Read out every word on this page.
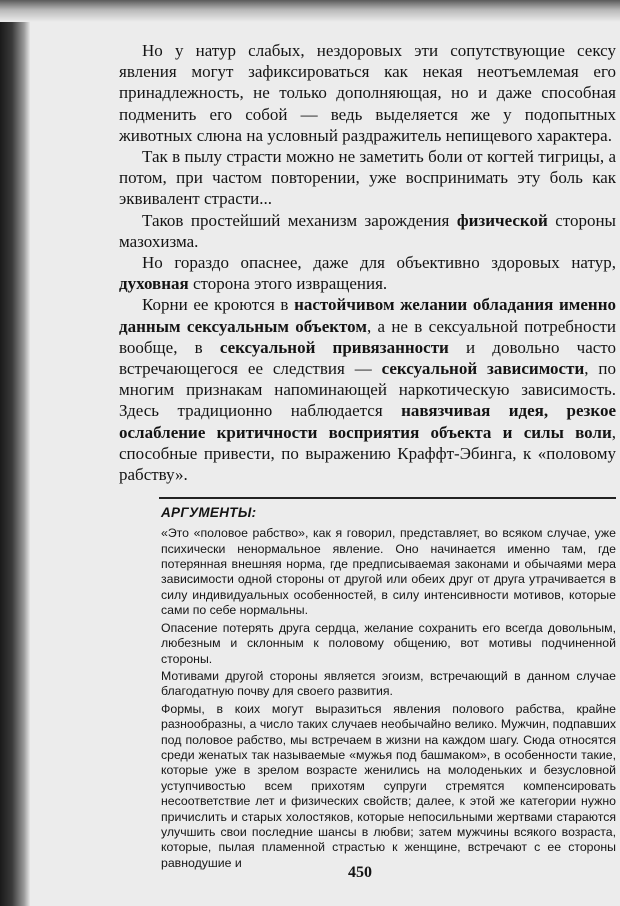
Но у натур слабых, нездоровых эти сопутствующие сексу явления могут зафиксироваться как некая неотъемлемая его принадлежность, не только дополняющая, но и даже способная подменить его собой — ведь выделяется же у подопытных животных слюна на условный раздражитель непищевого характера.

Так в пылу страсти можно не заметить боли от когтей тигрицы, а потом, при частом повторении, уже воспринимать эту боль как эквивалент страсти...

Таков простейший механизм зарождения физической стороны мазохизма.

Но гораздо опаснее, даже для объективно здоровых натур, духовная сторона этого извращения.

Корни ее кроются в настойчивом желании обладания именно данным сексуальным объектом, а не в сексуальной потребности вообще, в сексуальной привязанности и довольно часто встречающегося ее следствия — сексуальной зависимости, по многим признакам напоминающей наркотическую зависимость. Здесь традиционно наблюдается навязчивая идея, резкое ослабление критичности восприятия объекта и силы воли, способные привести, по выражению Краффт-Эбинга, к «половому рабству».

АРГУМЕНТЫ:

«Это «половое рабство», как я говорил, представляет, во всяком случае, уже психически ненормальное явление. Оно начинается именно там, где потерянная внешняя норма, где предписываемая законами и обычаями мера зависимости одной стороны от другой или обеих друг от друга утрачивается в силу индивидуальных особенностей, в силу интенсивности мотивов, которые сами по себе нормальны.

Опасение потерять друга сердца, желание сохранить его всегда довольным, любезным и склонным к половому общению, вот мотивы подчиненной стороны.

Мотивами другой стороны является эгоизм, встречающий в данном случае благодатную почву для своего развития.

Формы, в коих могут выразиться явления полового рабства, крайне разнообразны, а число таких случаев необычайно велико. Мужчин, подпавших под половое рабство, мы встречаем в жизни на каждом шагу. Сюда относятся среди женатых так называемые «мужья под башмаком», в особенности такие, которые уже в зрелом возрасте женились на молоденьких и безусловной уступчивостью всем прихотям супруги стремятся компенсировать несоответствие лет и физических свойств; далее, к этой же категории нужно причислить и старых холостяков, которые непосильными жертвами стараются улучшить свои последние шансы в любви; затем мужчины всякого возраста, которые, пылая пламенной страстью к женщине, встречают с ее стороны равнодушие и

450
